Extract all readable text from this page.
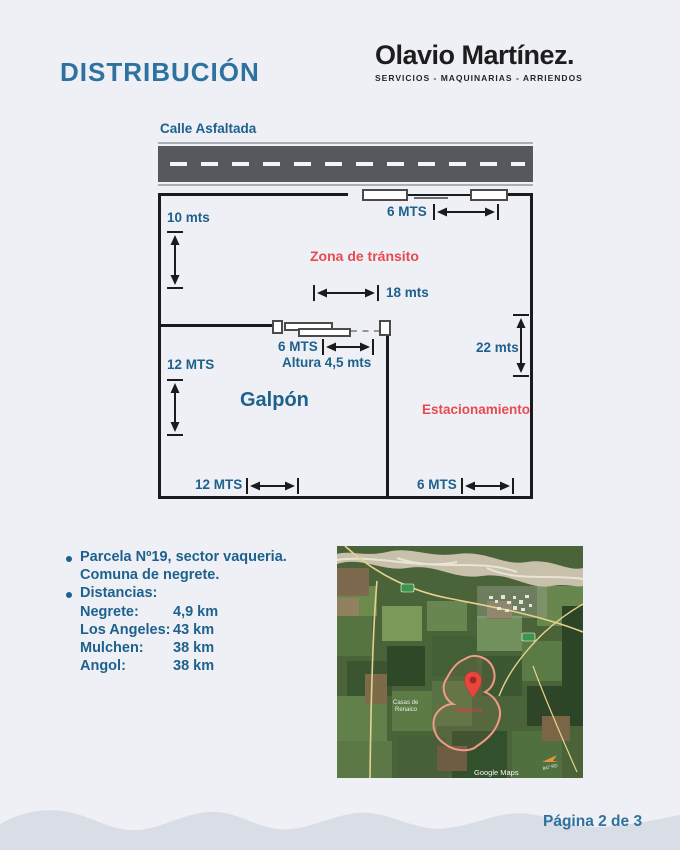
DISTRIBUCIÓN
Olavio Martínez.
SERVICIOS - MAQUINARIAS - ARRIENDOS
Calle Asfaltada
6 MTS
10 mts
Zona de tránsito
18 mts
6 MTS
Altura 4,5 mts
12 MTS
Galpón	Estacionamiento
22 mts
12 MTS	6 MTS
Parcela Nº19, sector vaqueria.
Comuna de negrete.
Distancias:
Negrete: 4,9 km
Los Angeles: 43 km
Mulchen: 38 km
Angol:	38 km
Casas de
Renaico	Vaqueria
847 RD
Google Maps
Página 2 de 3
